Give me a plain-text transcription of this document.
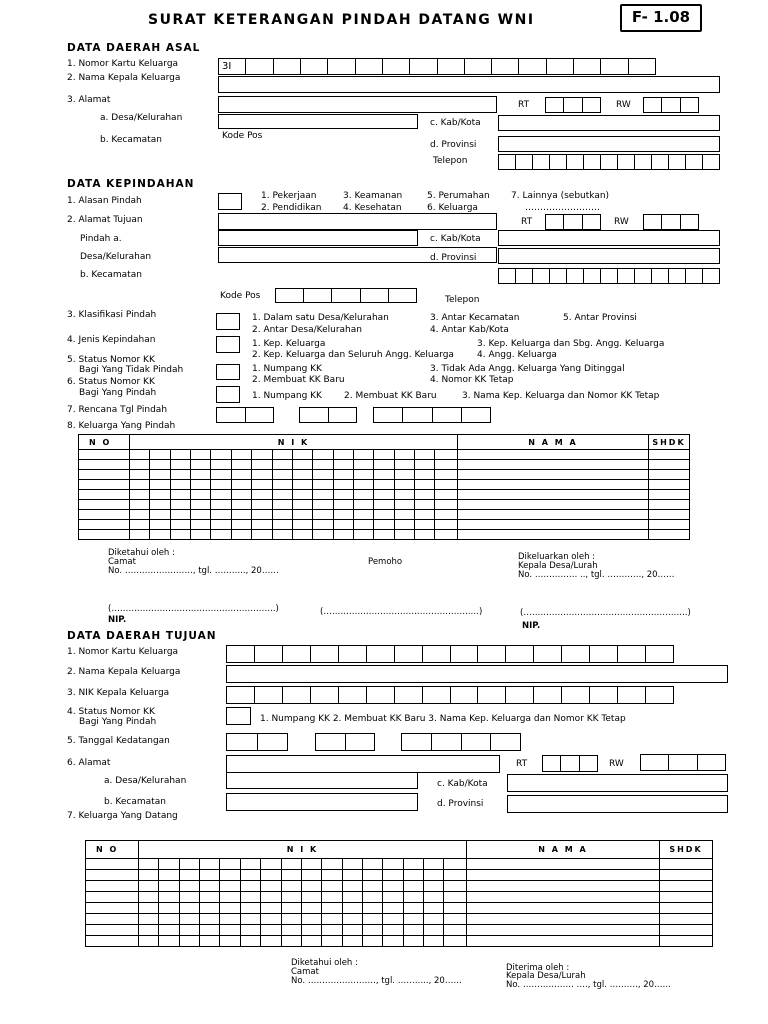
SURAT KETERANGAN PINDAH DATANG WNI	F- 1.08
DATA DAERAH ASAL
1. Nomor Kartu Keluarga	3I
2. Nama Kepala Keluarga
3. Alamat	RT	RW
a. Desa/Kelurahan	c. Kab/Kota
b. Kecamatan	Kode Pos
d. Provinsi
Telepon
DATA KEPINDAHAN
1. Alasan Pindah	1. Pekerjaan	3. Keamanan	5. Perumahan 7. Lainnya (sebutkan)
2. Pendidikan 4. Kesehatan	6. Keluarga	…………………….
2. Alamat Tujuan	RT	RW
Pindah a.	c. Kab/Kota
Desa/Kelurahan	d. Provinsi
b. Kecamatan
Kode Pos	Telepon
3. Klasifikasi Pindah	1. Dalam satu Desa/Kelurahan	3. Antar Kecamatan	5. Antar Provinsi
2. Antar Desa/Kelurahan	4. Antar Kab/Kota
4. Jenis Kepindahan	1. Kep. Keluarga	3. Kep. Keluarga dan Sbg. Angg. Keluarga
2. Kep. Keluarga dan Seluruh Angg. Keluarga	4. Angg. Keluarga
5. Status Nomor KK
Bagi Yang Tidak Pindah	1. Numpang KK	3. Tidak Ada Angg. Keluarga Yang Ditinggal
2. Membuat KK Baru	4. Nomor KK Tetap
6. Status Nomor KK
Bagi Yang Pindah	1. Numpang KK 2. Membuat KK Baru	3. Nama Kep. Keluarga dan Nomor KK Tetap
7. Rencana Tgl Pindah
8. Keluarga Yang Pindah
N O	N I K																N A M A	SHDK

Diketahui oleh :
Camat
No. ……………………, tgl. ……….., 20……
(………………………………………………….)
NIP.
Pemoho
(…………………………………………….…)
Dikeluarkan oleh :
Kepala Desa/Lurah
No. …………… .., tgl. …………, 20……
(………………………………………………….)
NIP.
DATA DAERAH TUJUAN
1. Nomor Kartu Keluarga
2. Nama Kepala Keluarga
3. NIK Kepala Keluarga
4. Status Nomor KK
Bagi Yang Pindah	1. Numpang KK 2. Membuat KK Baru 3. Nama Kep. Keluarga dan Nomor KK Tetap
5. Tanggal Kedatangan
6. Alamat	RT	RW
a. Desa/Kelurahan	c. Kab/Kota
b. Kecamatan	d. Provinsi
7. Keluarga Yang Datang
N O	N I K																N A M A	SHDK

Diketahui oleh :
Camat
No. ……………………, tgl. ……….., 20……
Diterima oleh :
Kepala Desa/Lurah
No. ……………… …., tgl. ………., 20……
